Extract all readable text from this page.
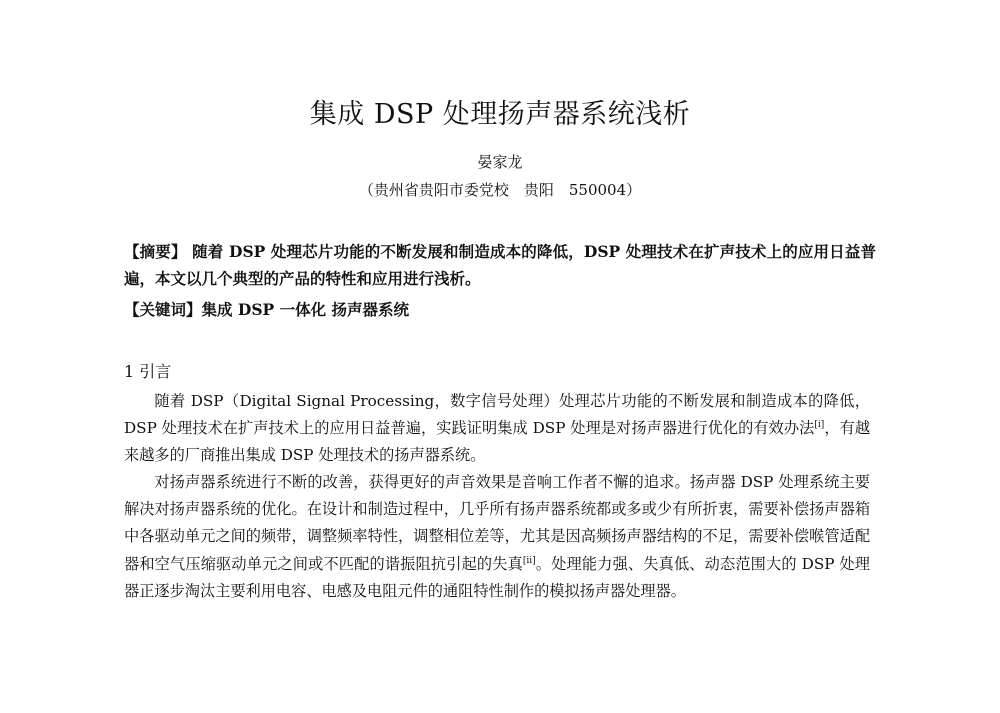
集成 DSP 处理扬声器系统浅析
晏家龙
（贵州省贵阳市委党校　贵阳　550004）
【摘要】 随着 DSP 处理芯片功能的不断发展和制造成本的降低，DSP 处理技术在扩声技术上的应用日益普遍，本文以几个典型的产品的特性和应用进行浅析。
【关键词】集成 DSP 一体化 扬声器系统
1 引言

随着 DSP（Digital Signal Processing，数字信号处理）处理芯片功能的不断发展和制造成本的降低，DSP 处理技术在扩声技术上的应用日益普遍，实践证明集成 DSP 处理是对扬声器进行优化的有效办法[i]，有越来越多的厂商推出集成 DSP 处理技术的扬声器系统。

对扬声器系统进行不断的改善，获得更好的声音效果是音响工作者不懈的追求。扬声器 DSP 处理系统主要解决对扬声器系统的优化。在设计和制造过程中，几乎所有扬声器系统都或多或少有所折衷，需要补偿扬声器箱中各驱动单元之间的频带，调整频率特性，调整相位差等，尤其是因高频扬声器结构的不足，需要补偿喉管适配器和空气压缩驱动单元之间或不匹配的谐振阻抗引起的失真[ii]。处理能力强、失真低、动态范围大的 DSP 处理器正逐步淘汰主要利用电容、电感及电阻元件的通阻特性制作的模拟扬声器处理器。
